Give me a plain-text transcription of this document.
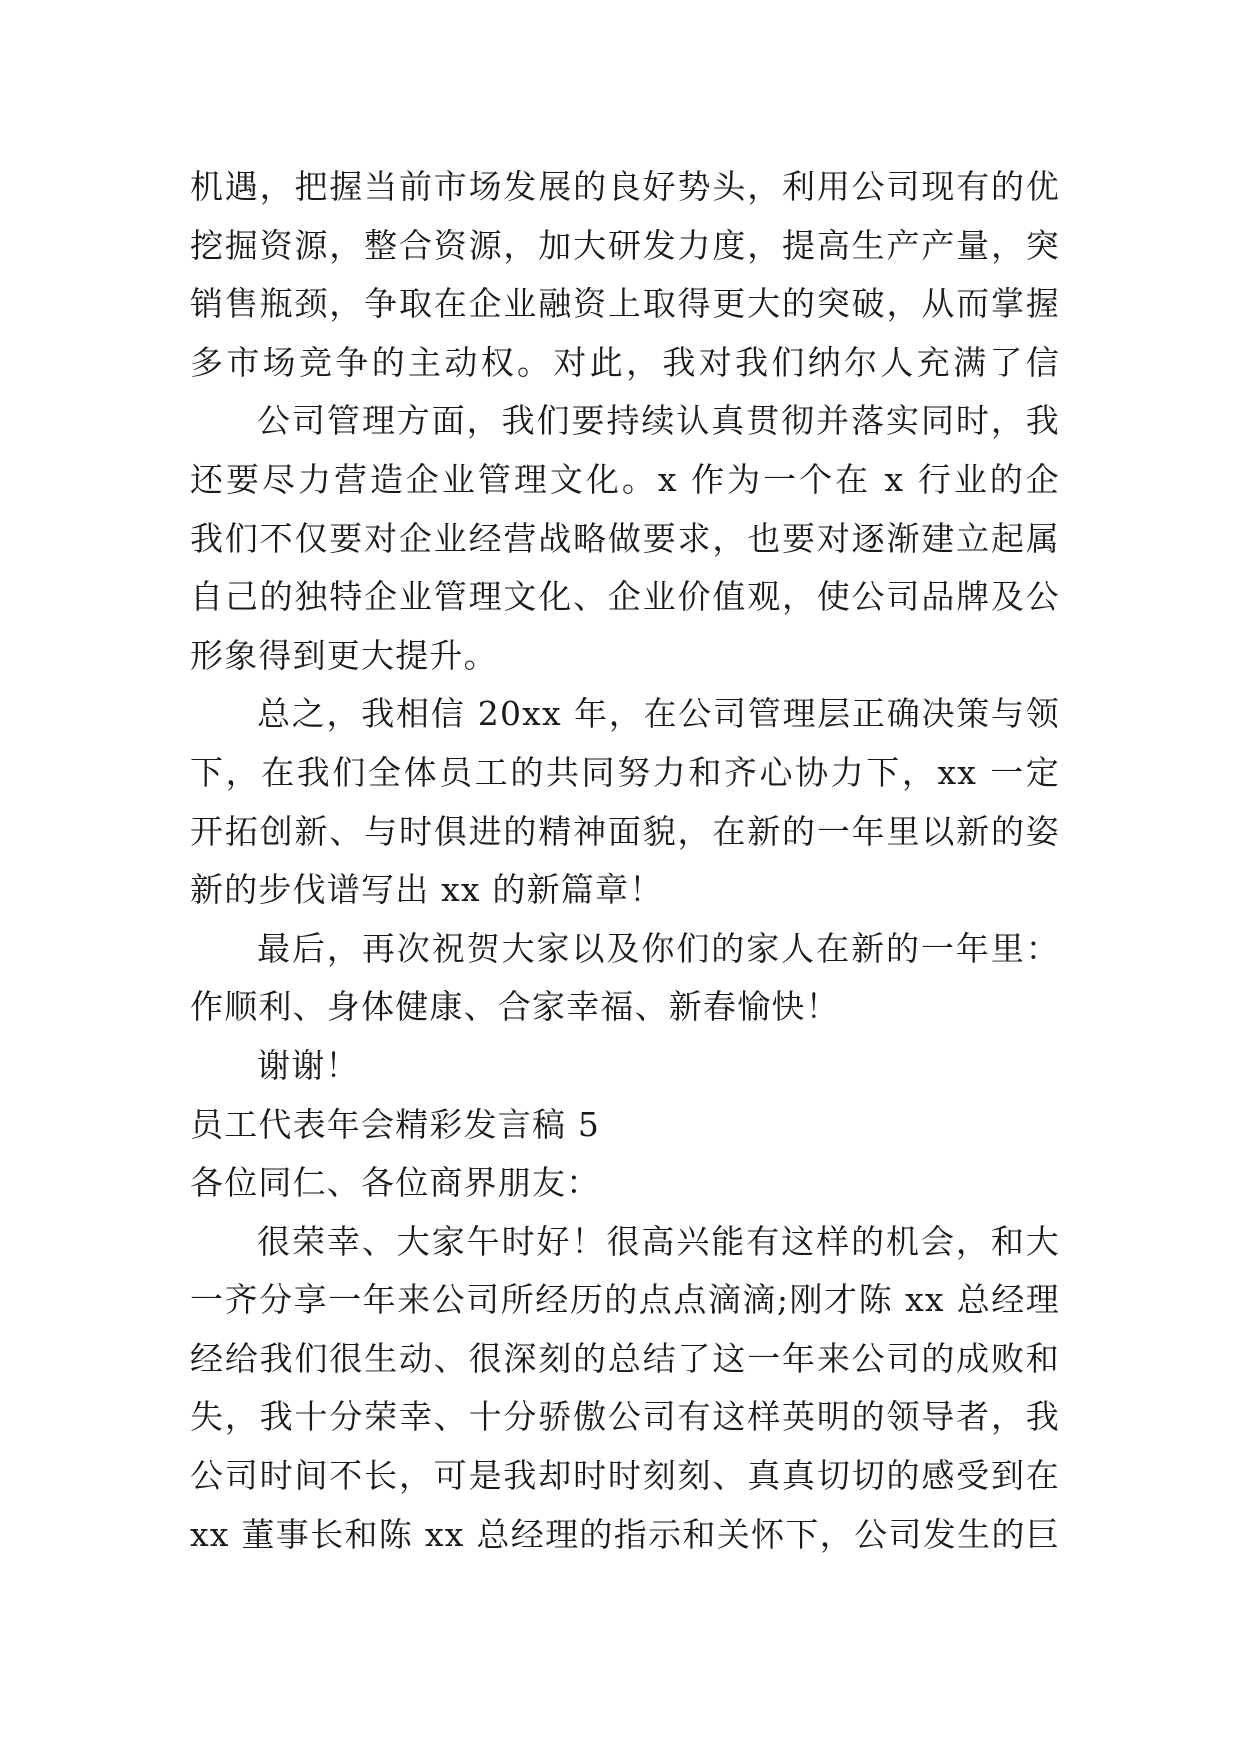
机遇，把握当前市场发展的良好势头，利用公司现有的优
挖掘资源，整合资源，加大研发力度，提高生产产量，突
销售瓶颈，争取在企业融资上取得更大的突破，从而掌握
多市场竞争的主动权。对此，我对我们纳尔人充满了信
公司管理方面，我们要持续认真贯彻并落实同时，我
还要尽力营造企业管理文化。x 作为一个在 x 行业的企
我们不仅要对企业经营战略做要求，也要对逐渐建立起属
自己的独特企业管理文化、企业价值观，使公司品牌及公
形象得到更大提升。
总之，我相信 20xx 年，在公司管理层正确决策与领
下，在我们全体员工的共同努力和齐心协力下，xx 一定
开拓创新、与时俱进的精神面貌，在新的一年里以新的姿
新的步伐谱写出 xx 的新篇章！
最后，再次祝贺大家以及你们的家人在新的一年里：
作顺利、身体健康、合家幸福、新春愉快！
谢谢！
员工代表年会精彩发言稿 5
各位同仁、各位商界朋友：
很荣幸、大家午时好！很高兴能有这样的机会，和大
一齐分享一年来公司所经历的点点滴滴;刚才陈 xx 总经理
经给我们很生动、很深刻的总结了这一年来公司的成败和
失，我十分荣幸、十分骄傲公司有这样英明的领导者，我
公司时间不长，可是我却时时刻刻、真真切切的感受到在
xx 董事长和陈 xx 总经理的指示和关怀下，公司发生的巨
